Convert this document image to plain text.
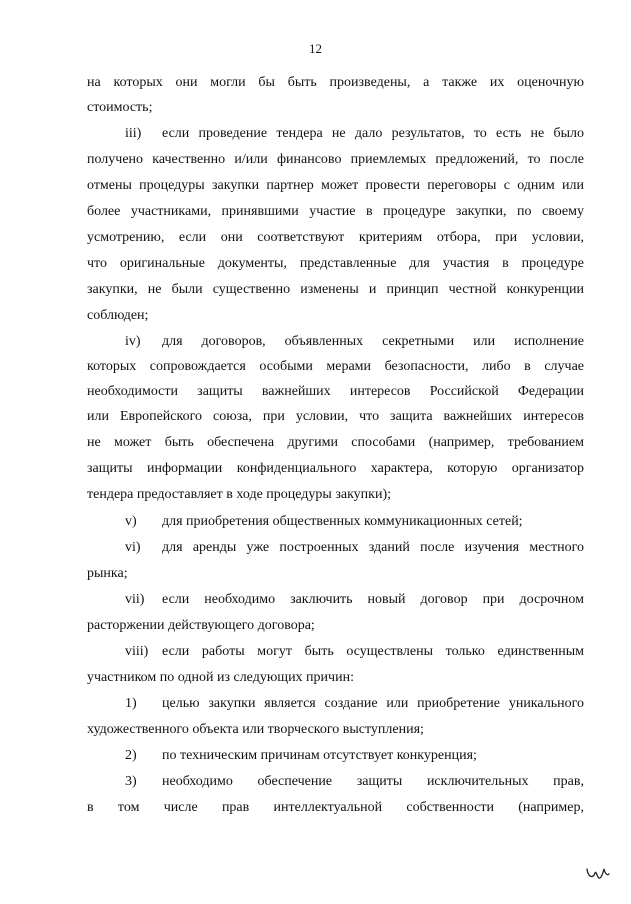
12
на которых они могли бы быть произведены, а также их оценочную
стоимость;
iii) если проведение тендера не дало результатов, то есть не было
получено качественно и/или финансово приемлемых предложений, то после
отмены процедуры закупки партнер может провести переговоры с одним или
более участниками, принявшими участие в процедуре закупки, по своему
усмотрению, если они соответствуют критериям отбора, при условии,
что оригинальные документы, представленные для участия в процедуре
закупки, не были существенно изменены и принцип честной конкуренции
соблюден;
iv) для договоров, объявленных секретными или исполнение
которых сопровождается особыми мерами безопасности, либо в случае
необходимости защиты важнейших интересов Российской Федерации
или Европейского союза, при условии, что защита важнейших интересов
не может быть обеспечена другими способами (например, требованием
защиты информации конфиденциального характера, которую организатор
тендера предоставляет в ходе процедуры закупки);
v) для приобретения общественных коммуникационных сетей;
vi) для аренды уже построенных зданий после изучения местного
рынка;
vii) если необходимо заключить новый договор при досрочном
расторжении действующего договора;
viii) если работы могут быть осуществлены только единственным
участником по одной из следующих причин:
1) целью закупки является создание или приобретение уникального
художественного объекта или творческого выступления;
2) по техническим причинам отсутствует конкуренция;
3) необходимо обеспечение защиты исключительных прав,
в том числе прав интеллектуальной собственности (например,
